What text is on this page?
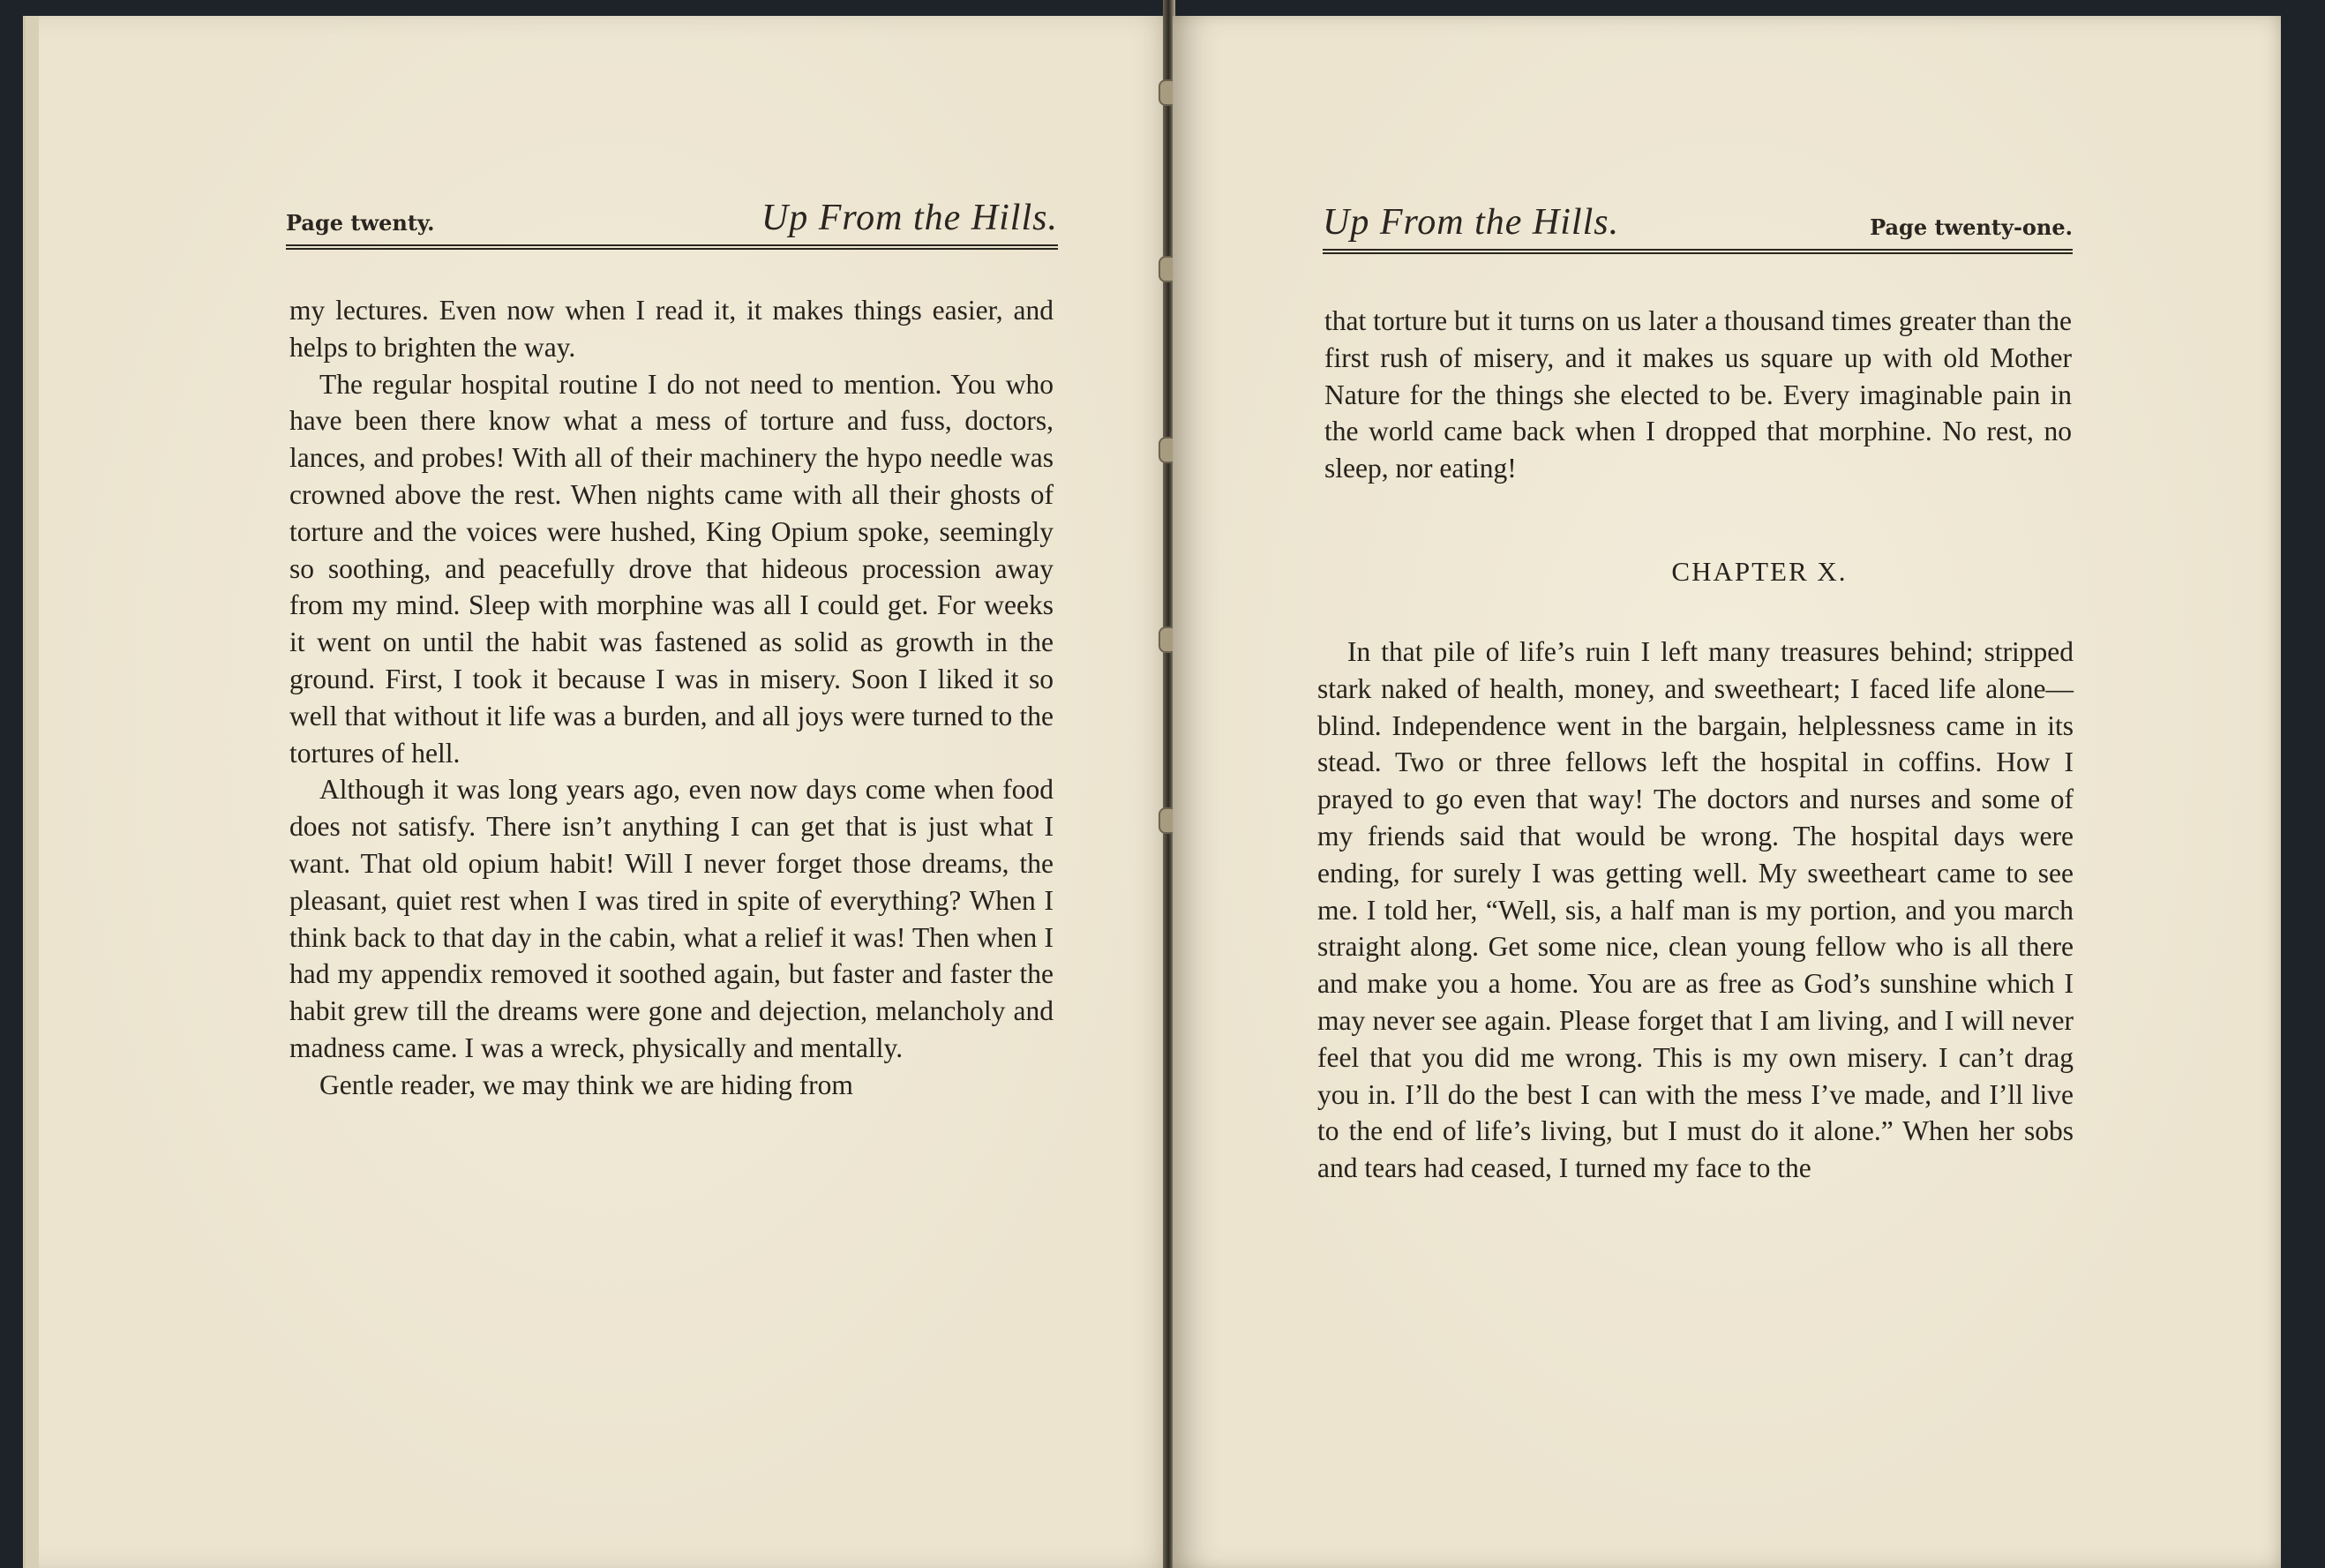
Page twenty.	Up From the Hills.

my lectures. Even now when I read it, it makes things easier, and helps to brighten the way.

The regular hospital routine I do not need to mention. You who have been there know what a mess of torture and fuss, doctors, lances, and probes! With all of their machinery the hypo needle was crowned above the rest. When nights came with all their ghosts of torture and the voices were hushed, King Opium spoke, seemingly so soothing, and peacefully drove that hideous procession away from my mind. Sleep with morphine was all I could get. For weeks it went on until the habit was fastened as solid as growth in the ground. First, I took it because I was in misery. Soon I liked it so well that without it life was a burden, and all joys were turned to the tortures of hell.

Although it was long years ago, even now days come when food does not satisfy. There isn’t anything I can get that is just what I want. That old opium habit! Will I never forget those dreams, the pleasant, quiet rest when I was tired in spite of everything? When I think back to that day in the cabin, what a relief it was! Then when I had my appendix removed it soothed again, but faster and faster the habit grew till the dreams were gone and dejection, melancholy and madness came. I was a wreck, physically and mentally.

Gentle reader, we may think we are hiding from

Up From the Hills.	Page twenty-one.

that torture but it turns on us later a thousand times greater than the first rush of misery, and it makes us square up with old Mother Nature for the things she elected to be. Every imaginable pain in the world came back when I dropped that morphine. No rest, no sleep, nor eating!

CHAPTER X.

In that pile of life’s ruin I left many treasures behind; stripped stark naked of health, money, and sweetheart; I faced life alone—blind. Independence went in the bargain, helplessness came in its stead. Two or three fellows left the hospital in coffins. How I prayed to go even that way! The doctors and nurses and some of my friends said that would be wrong. The hospital days were ending, for surely I was getting well. My sweetheart came to see me. I told her, “Well, sis, a half man is my portion, and you march straight along. Get some nice, clean young fellow who is all there and make you a home. You are as free as God’s sunshine which I may never see again. Please forget that I am living, and I will never feel that you did me wrong. This is my own misery. I can’t drag you in. I’ll do the best I can with the mess I’ve made, and I’ll live to the end of life’s living, but I must do it alone.” When her sobs and tears had ceased, I turned my face to the
